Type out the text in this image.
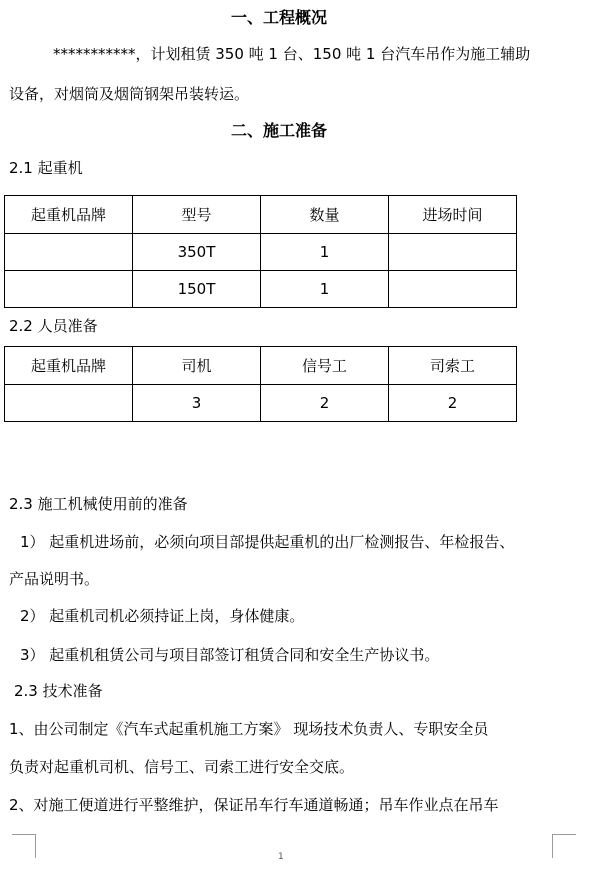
一、工程概况
***********，计划租赁 350 吨 1 台、150 吨 1 台汽车吊作为施工辅助
设备，对烟筒及烟筒钢架吊装转运。
二、施工准备
2.1 起重机
起重机品牌	型号	数量	进场时间
	350T	1	
	150T	1	
2.2 人员准备
起重机品牌	司机	信号工	司索工
	3	2	2
2.3 施工机械使用前的准备
1） 起重机进场前，必须向项目部提供起重机的出厂检测报告、年检报告、
产品说明书。
2） 起重机司机必须持证上岗，身体健康。
3） 起重机租赁公司与项目部签订租赁合同和安全生产协议书。
2.3 技术准备
1、由公司制定《汽车式起重机施工方案》 现场技术负责人、专职安全员
负责对起重机司机、信号工、司索工进行安全交底。
2、对施工便道进行平整维护，保证吊车行车通道畅通；吊车作业点在吊车
1
